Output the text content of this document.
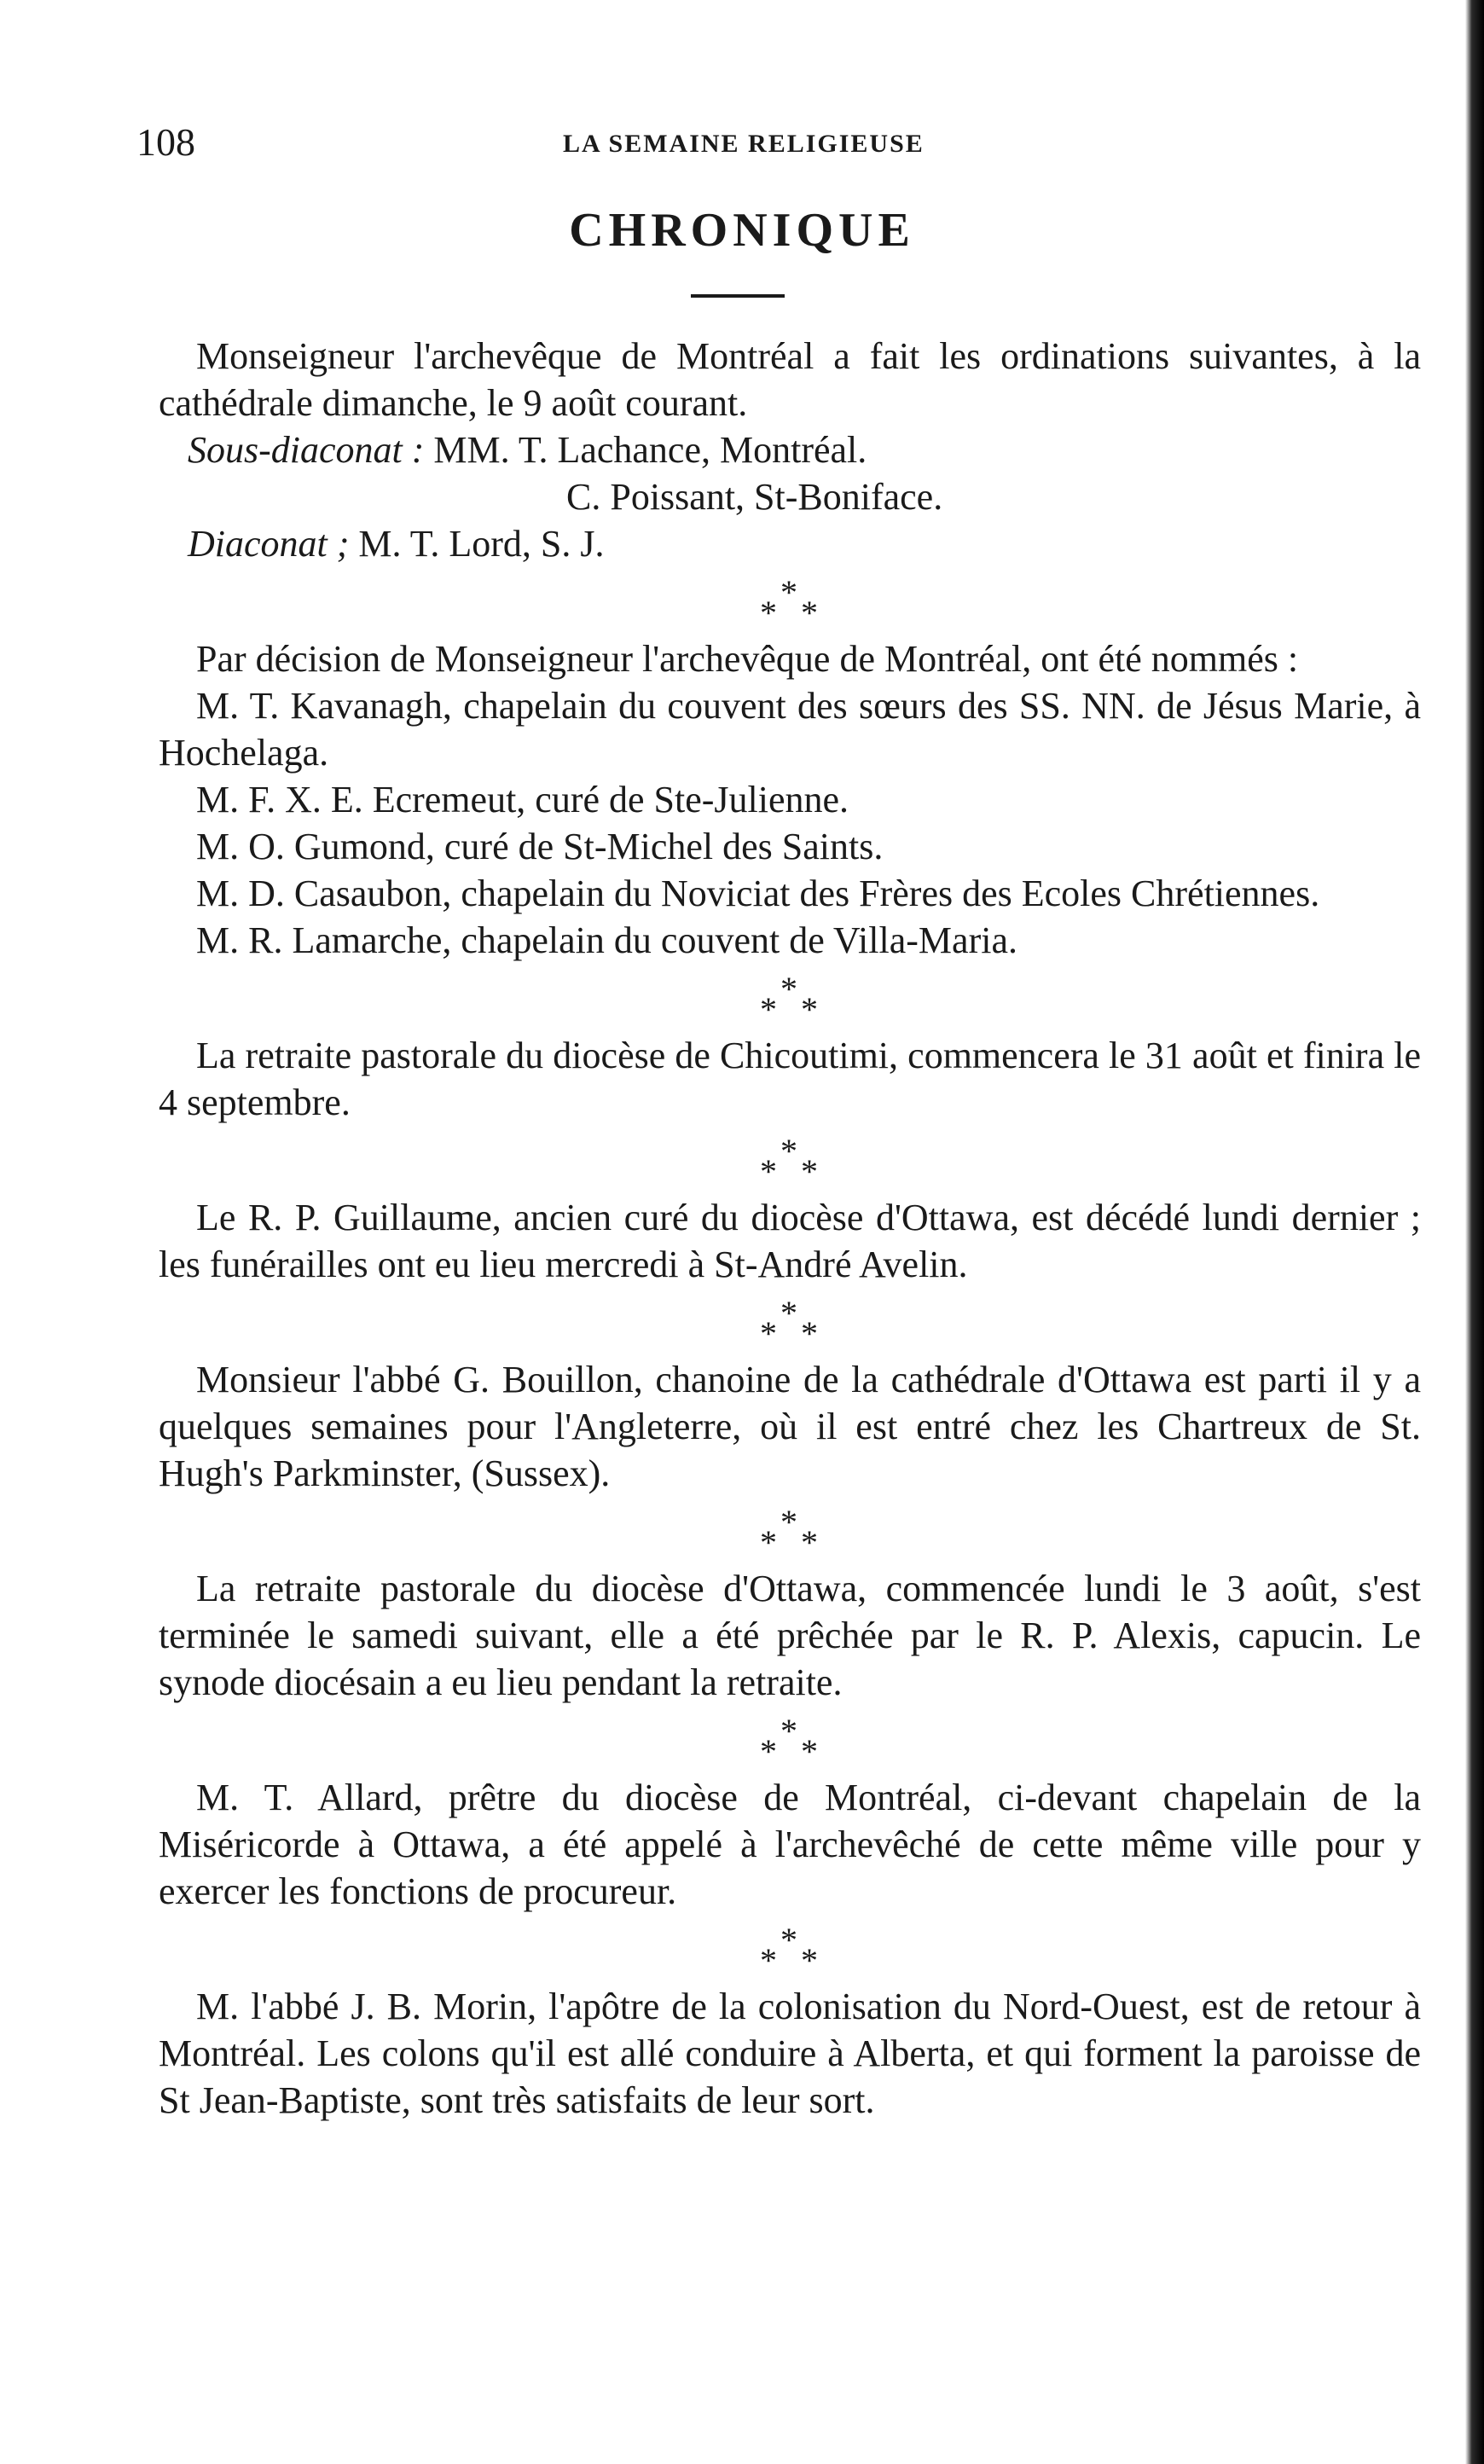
108	LA SEMAINE RELIGIEUSE
CHRONIQUE

Monseigneur l'archevêque de Montréal a fait les ordinations suivantes, à la cathédrale dimanche, le 9 août courant.

Sous-diaconat : MM. T. Lachance, Montréal.
C. Poissant, St-Boniface.
Diaconat ; M. T. Lord, S. J.
*
* *

Par décision de Monseigneur l'archevêque de Montréal, ont été nommés :

M. T. Kavanagh, chapelain du couvent des sœurs des SS. NN. de Jésus Marie, à Hochelaga.

M. F. X. E. Ecremeut, curé de Ste-Julienne.

M. O. Gumond, curé de St-Michel des Saints.

M. D. Casaubon, chapelain du Noviciat des Frères des Ecoles Chrétiennes.

M. R. Lamarche, chapelain du couvent de Villa-Maria.

*
* *

La retraite pastorale du diocèse de Chicoutimi, commencera le 31 août et finira le 4 septembre.

*
* *

Le R. P. Guillaume, ancien curé du diocèse d'Ottawa, est décédé lundi dernier ; les funérailles ont eu lieu mercredi à St-André Avelin.

*
* *

Monsieur l'abbé G. Bouillon, chanoine de la cathédrale d'Ottawa est parti il y a quelques semaines pour l'Angleterre, où il est entré chez les Chartreux de St. Hugh's Parkminster, (Sussex).

*
* *

La retraite pastorale du diocèse d'Ottawa, commencée lundi le 3 août, s'est terminée le samedi suivant, elle a été prêchée par le R. P. Alexis, capucin. Le synode diocésain a eu lieu pendant la retraite.

*
* *

M. T. Allard, prêtre du diocèse de Montréal, ci-devant chapelain de la Miséricorde à Ottawa, a été appelé à l'archevêché de cette même ville pour y exercer les fonctions de procureur.

*
* *

M. l'abbé J. B. Morin, l'apôtre de la colonisation du Nord-Ouest, est de retour à Montréal. Les colons qu'il est allé conduire à Alberta, et qui forment la paroisse de St Jean-Baptiste, sont très satisfaits de leur sort.
